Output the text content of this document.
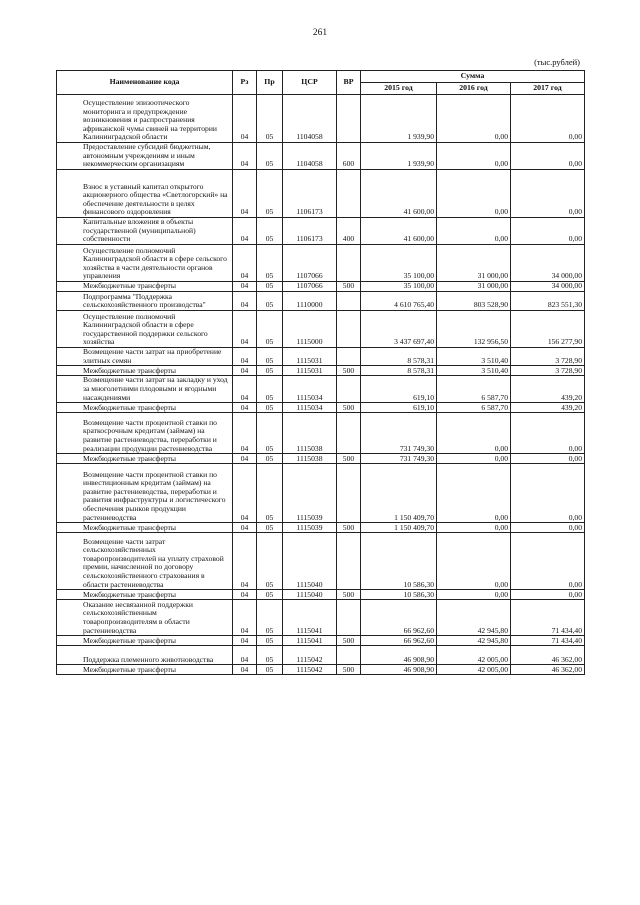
261
(тыс.рублей)
Наименование кода	Рз	Пр	ЦСР	ВР	Сумма		
					2015 год	2016 год	2017 год
Осуществление эпизоотического мониторинга и предупреждение возникновения и распространения африканской чумы свиней на территории Калининградской области	04	05	1104058		1 939,90	0,00	0,00
Предоставление субсидий бюджетным, автономным учреждениям и иным некоммерческим организациям	04	05	1104058	600	1 939,90	0,00	0,00
Взнос в уставный капитал открытого акционерного общества «Светлогорский» на обеспечение деятельности в целях финансового оздоровления	04	05	1106173		41 600,00	0,00	0,00
Капитальные вложения в объекты государственной (муниципальной) собственности	04	05	1106173	400	41 600,00	0,00	0,00
Осуществление полномочий Калининградской области в сфере сельского хозяйства в части деятельности органов управления	04	05	1107066		35 100,00	31 000,00	34 000,00
Межбюджетные трансферты	04	05	1107066	500	35 100,00	31 000,00	34 000,00
Подпрограмма "Поддержка сельскохозяйственного производства"	04	05	1110000		4 610 765,40	803 528,90	823 551,30
Осуществление полномочий Калининградской области в сфере государственной поддержки сельского хозяйства	04	05	1115000		3 437 697,40	132 956,50	156 277,90
Возмещение части затрат на приобретение элитных семян	04	05	1115031		8 578,31	3 510,40	3 728,90
Межбюджетные трансферты	04	05	1115031	500	8 578,31	3 510,40	3 728,90
Возмещение части затрат на закладку и уход за многолетними плодовыми и ягодными насаждениями	04	05	1115034		619,10	6 587,70	439,20
Межбюджетные трансферты	04	05	1115034	500	619,10	6 587,70	439,20
Возмещение части процентной ставки по краткосрочным кредитам (займам) на развитие растениеводства, переработки и реализации продукции растениеводства	04	05	1115038		731 749,30	0,00	0,00
Межбюджетные трансферты	04	05	1115038	500	731 749,30	0,00	0,00
Возмещение части процентной ставки по инвестиционным кредитам (займам) на развитие растениеводства, переработки и развития инфраструктуры и логистического обеспечения рынков продукции растениеводства	04	05	1115039		1 150 409,70	0,00	0,00
Межбюджетные трансферты	04	05	1115039	500	1 150 409,70	0,00	0,00
Возмещение части затрат сельскохозяйственных товаропроизводителей на уплату страховой премии, начисленной по договору сельскохозяйственного страхования в области растениеводства	04	05	1115040		10 586,30	0,00	0,00
Межбюджетные трансферты	04	05	1115040	500	10 586,30	0,00	0,00
Оказание несвязанной поддержки сельскохозяйственным товаропроизводителям в области растениеводства	04	05	1115041		66 962,60	42 945,80	71 434,40
Межбюджетные трансферты	04	05	1115041	500	66 962,60	42 945,80	71 434,40
Поддержка племенного животноводства	04	05	1115042		46 908,90	42 005,00	46 362,00
Межбюджетные трансферты	04	05	1115042	500	46 908,90	42 005,00	46 362,00
